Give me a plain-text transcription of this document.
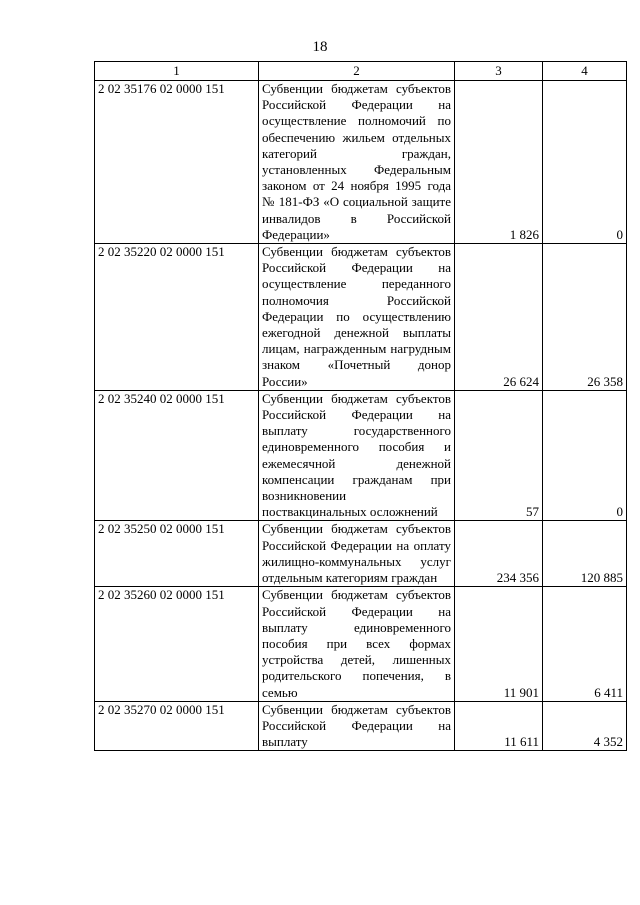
18
1	2	3	4
2 02 35176 02 0000 151	Субвенции бюджетам субъектов Российской Федерации на осуществление полномочий по обеспечению жильем отдельных категорий граждан, установленных Федеральным законом от 24 ноября 1995 года № 181-ФЗ «О социальной защите инвалидов в Российской Федерации»	1 826	0
2 02 35220 02 0000 151	Субвенции бюджетам субъектов Российской Федерации на осуществление переданного полномочия Российской Федерации по осуществлению ежегодной денежной выплаты лицам, награжденным нагрудным знаком «Почетный донор России»	26 624	26 358
2 02 35240 02 0000 151	Субвенции бюджетам субъектов Российской Федерации на выплату государственного единовременного пособия и ежемесячной денежной компенсации гражданам при возникновении поствакцинальных осложнений	57	0
2 02 35250 02 0000 151	Субвенции бюджетам субъектов Российской Федерации на оплату жилищно-коммунальных услуг отдельным категориям граждан	234 356	120 885
2 02 35260 02 0000 151	Субвенции бюджетам субъектов Российской Федерации на выплату единовременного пособия при всех формах устройства детей, лишенных родительского попечения, в семью	11 901	6 411
2 02 35270 02 0000 151	Субвенции бюджетам субъектов Российской Федерации на выплату	11 611	4 352
